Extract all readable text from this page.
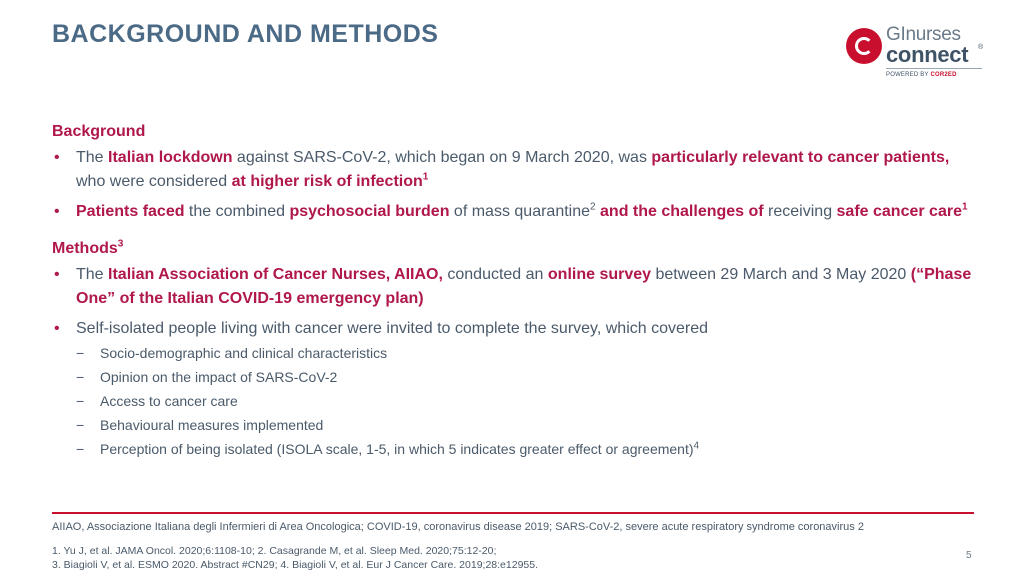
BACKGROUND AND METHODS	GInurses
connect ®
POWERED BY COR2ED
Background
• The Italian lockdown against SARS-CoV-2, which began on 9 March 2020, was particularly relevant to cancer patients, who were considered at higher risk of infection$^1$
• Patients faced the combined psychosocial burden of mass quarantine$^2$ and the challenges of receiving safe cancer care$^1$
Methods$^3$
• The Italian Association of Cancer Nurses, AIIAO, conducted an online survey between 29 March and 3 May 2020 (“Phase One” of the Italian COVID-19 emergency plan)
• Self-isolated people living with cancer were invited to complete the survey, which covered
− Socio-demographic and clinical characteristics
− Opinion on the impact of SARS-CoV-2
− Access to cancer care
− Behavioural measures implemented
− Perception of being isolated (ISOLA scale, 1-5, in which 5 indicates greater effect or agreement)$^4$

AIIAO, Associazione Italiana degli Infermieri di Area Oncologica; COVID-19, coronavirus disease 2019; SARS-CoV-2, severe acute respiratory syndrome coronavirus 2

1. Yu J, et al. JAMA Oncol. 2020;6:1108-10; 2. Casagrande M, et al. Sleep Med. 2020;75:12-20;
3. Biagioli V, et al. ESMO 2020. Abstract #CN29; 4. Biagioli V, et al. Eur J Cancer Care. 2019;28:e12955.
5
